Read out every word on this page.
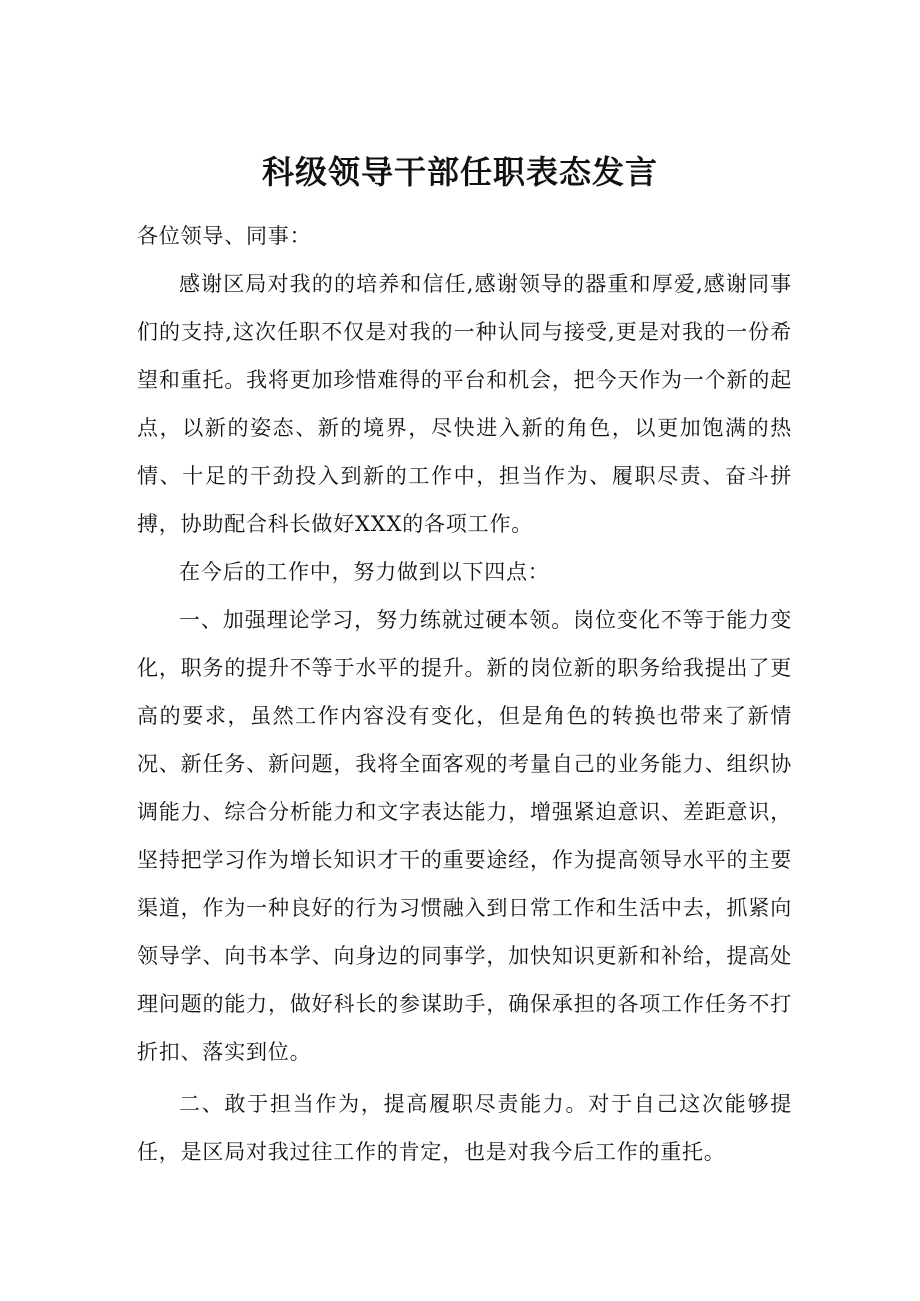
科级领导干部任职表态发言

各位领导、同事：

感谢区局对我的的培养和信任,感谢领导的器重和厚爱,感谢同事们的支持,这次任职不仅是对我的一种认同与接受,更是对我的一份希望和重托。我将更加珍惜难得的平台和机会，把今天作为一个新的起点，以新的姿态、新的境界，尽快进入新的角色，以更加饱满的热情、十足的干劲投入到新的工作中，担当作为、履职尽责、奋斗拼搏，协助配合科长做好XXX的各项工作。

在今后的工作中，努力做到以下四点：

一、加强理论学习，努力练就过硬本领。岗位变化不等于能力变化，职务的提升不等于水平的提升。新的岗位新的职务给我提出了更高的要求，虽然工作内容没有变化，但是角色的转换也带来了新情况、新任务、新问题，我将全面客观的考量自己的业务能力、组织协调能力、综合分析能力和文字表达能力，增强紧迫意识、差距意识，坚持把学习作为增长知识才干的重要途经，作为提高领导水平的主要渠道，作为一种良好的行为习惯融入到日常工作和生活中去，抓紧向领导学、向书本学、向身边的同事学，加快知识更新和补给，提高处理问题的能力，做好科长的参谋助手，确保承担的各项工作任务不打折扣、落实到位。

二、敢于担当作为，提高履职尽责能力。对于自己这次能够提任，是区局对我过往工作的肯定，也是对我今后工作的重托。
